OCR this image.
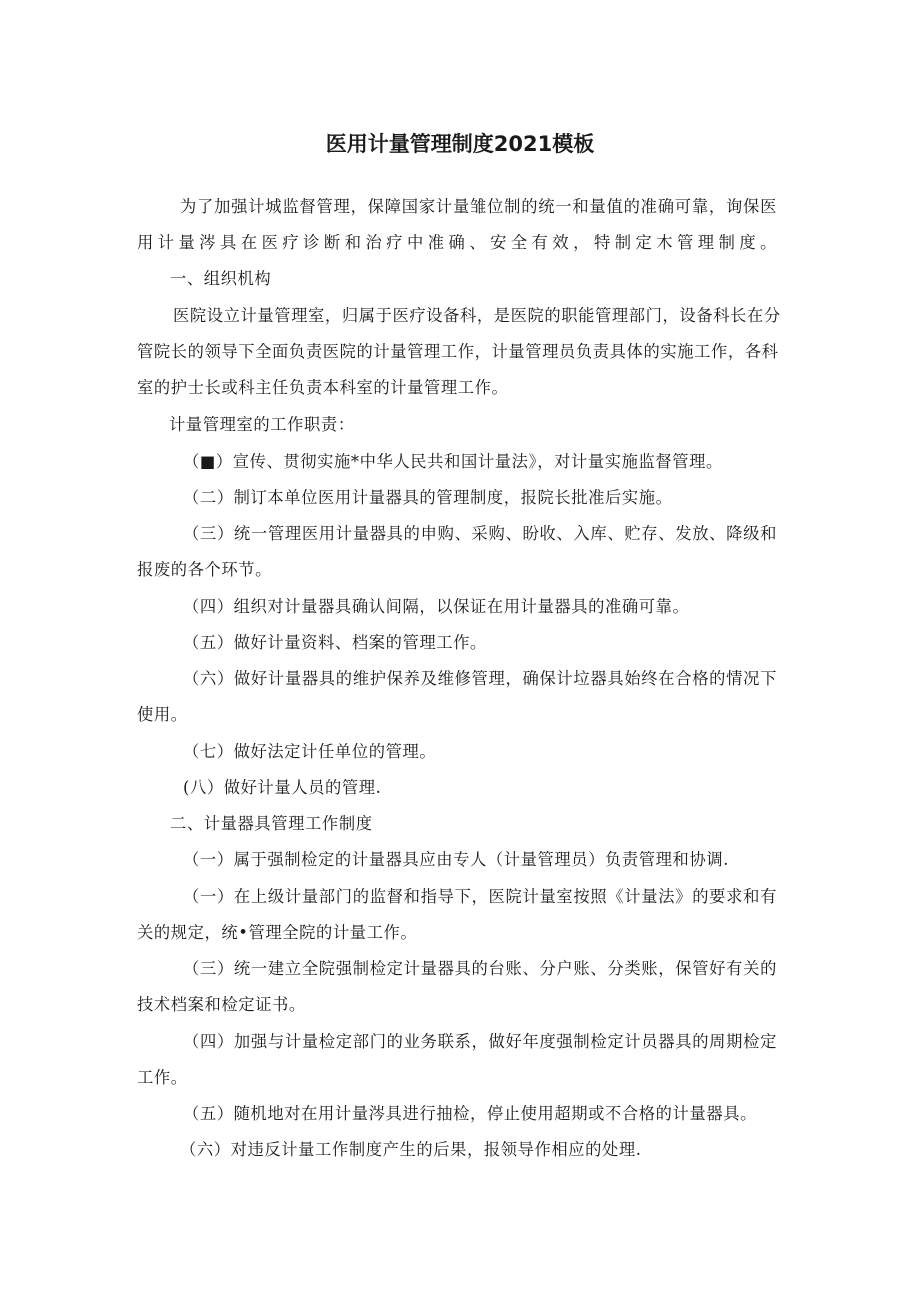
医用计量管理制度2021模板
为了加强计城监督管理，保障国家计量雏位制的统一和量值的准确可靠，询保医
用计量涔具在医疗诊断和治疗中准确、安全有效，特制定木管理制度。
一、组织机构
医院设立计量管理室，归属于医疗设备科，是医院的职能管理部门，设备科长在分
管院长的领导下全面负责医院的计量管理工作，计量管理员负责具体的实施工作，各科
室的护士长或科主任负责本科室的计量管理工作。
计量管理室的工作职责：
（■）宣传、贯彻实施*中华人民共和国计量法》，对计量实施监督管理。
（二）制订本单位医用计量器具的管理制度，报院长批准后实施。
（三）统一管理医用计量器具的申购、采购、盼收、入库、贮存、发放、降级和
报废的各个环节。
（四）组织对计量器具确认间隔，以保证在用计量器具的准确可靠。
（五）做好计量资料、档案的管理工作。
（六）做好计量器具的维护保养及维修管理，确保计垃器具始终在合格的情况下
使用。
（七）做好法定计任单位的管理。
(八）做好计量人员的管理.
二、计量器具管理工作制度
（一）属于强制检定的计量器具应由专人（计量管理员）负责管理和协调.
（一）在上级计量部门的监督和指导下，医院计量室按照《计量法》的要求和有
关的规定，统•管理全院的计量工作。
（三）统一建立全院强制检定计量器具的台账、分户账、分类账，保管好有关的
技术档案和检定证书。
（四）加强与计量检定部门的业务联系，做好年度强制检定计员器具的周期检定
工作。
（五）随机地对在用计量涔具进行抽检，停止使用超期或不合格的计量器具。
（六）对违反计量工作制度产生的后果，报领导作相应的处理.
